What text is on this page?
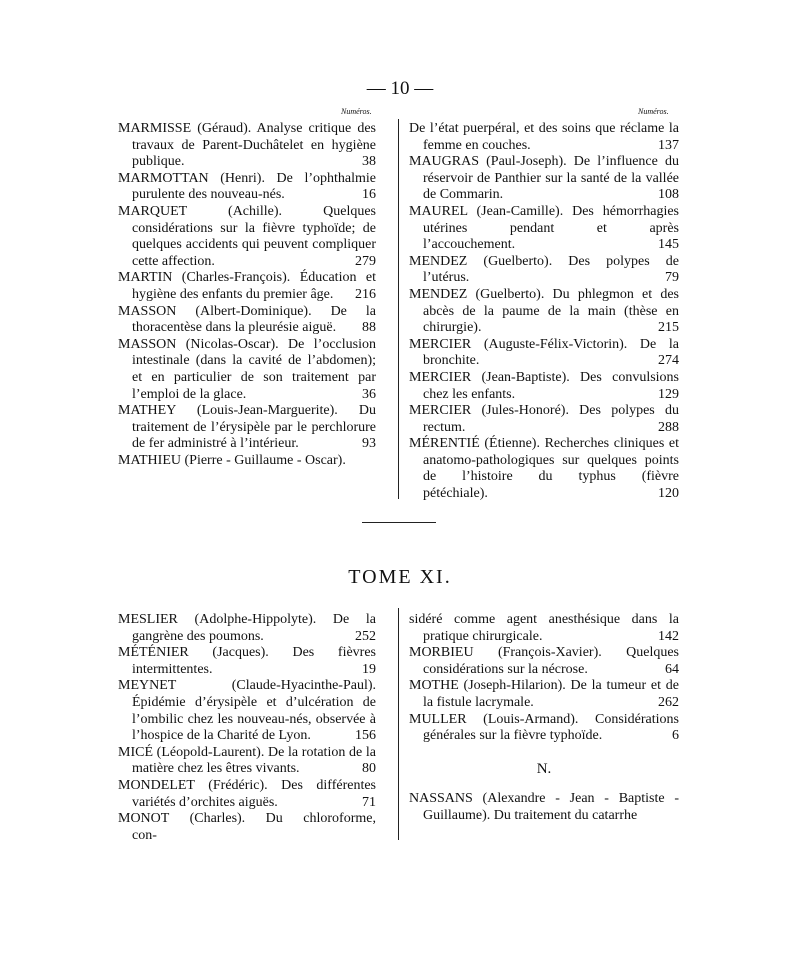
— 10 —
Numéros.	Numéros.
MARMISSE (Géraud). Analyse critique des travaux de Parent-Duchâtelet en hygiène publique.	38
MARMOTTAN (Henri). De l’ophthalmie purulente des nouveau-nés.	16
MARQUET (Achille). Quelques considérations sur la fièvre typhoïde; de quelques accidents qui peuvent compliquer cette affection.	279
MARTIN (Charles-François). Éducation et hygiène des enfants du premier âge. 216
MASSON (Albert-Dominique). De la thoracentèse dans la pleurésie aiguë. 88
MASSON (Nicolas-Oscar). De l’occlusion intestinale (dans la cavité de l’abdomen); et en particulier de son traitement par l’emploi de la glace.	36
MATHEY (Louis-Jean-Marguerite). Du traitement de l’érysipèle par le perchlorure de fer administré à l’intérieur.	93
MATHIEU (Pierre - Guillaume - Oscar).
De l’état puerpéral, et des soins que réclame la femme en couches.	137
MAUGRAS (Paul-Joseph). De l’influence du réservoir de Panthier sur la santé de la vallée de Commarin.	108
MAUREL (Jean-Camille). Des hémorrhagies utérines pendant et après l’accouchement.	145
MENDEZ (Guelberto). Des polypes de l’utérus.	79
MENDEZ (Guelberto). Du phlegmon et des abcès de la paume de la main (thèse en chirurgie).	215
MERCIER (Auguste-Félix-Victorin). De la bronchite.	274
MERCIER (Jean-Baptiste). Des convulsions chez les enfants.	129
MERCIER (Jules-Honoré). Des polypes du rectum.	288
MÉRENTIÉ (Étienne). Recherches cliniques et anatomo-pathologiques sur quelques points de l’histoire du typhus (fièvre pétéchiale).	120
TOME XI.
MESLIER (Adolphe-Hippolyte). De la gangrène des poumons.	252
MÉTÉNIER (Jacques). Des fièvres intermittentes.	19
MEYNET (Claude-Hyacinthe-Paul). Épidémie d’érysipèle et d’ulcération de l’ombilic chez les nouveau-nés, observée à l’hospice de la Charité de Lyon.	156
MICÉ (Léopold-Laurent). De la rotation de la matière chez les êtres vivants.	80
MONDELET (Frédéric). Des différentes variétés d’orchites aiguës.	71
MONOT (Charles). Du chloroforme, con-
sidéré comme agent anesthésique dans la pratique chirurgicale.	142
MORBIEU (François-Xavier). Quelques considérations sur la nécrose.	64
MOTHE (Joseph-Hilarion). De la tumeur et de la fistule lacrymale.	262
MULLER (Louis-Armand). Considérations générales sur la fièvre typhoïde.	6
N.
NASSANS (Alexandre - Jean - Baptiste - Guillaume). Du traitement du catarrhe
